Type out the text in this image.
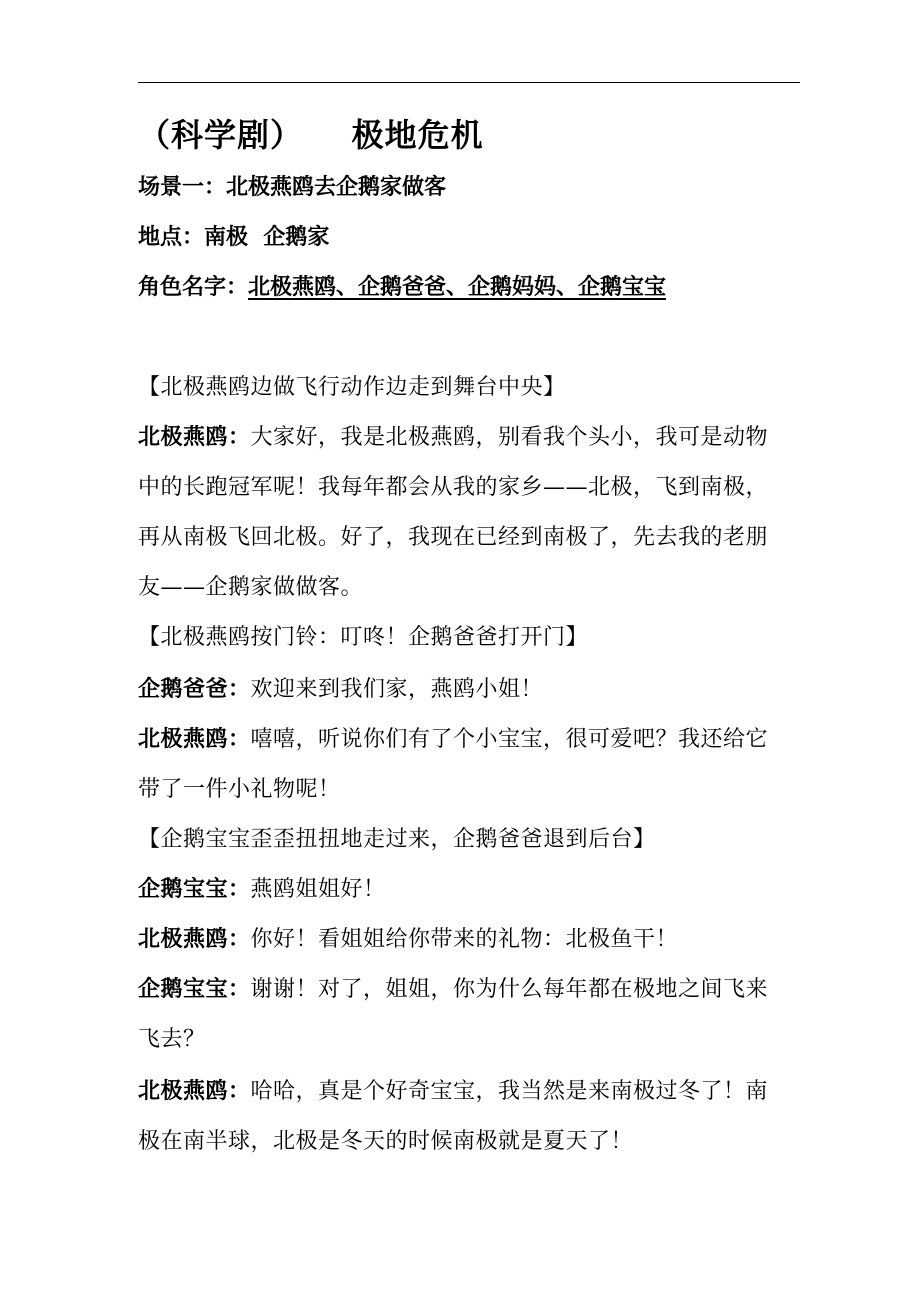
（科学剧）    极地危机
场景一：北极燕鸥去企鹅家做客
地点：南极  企鹅家
角色名字：北极燕鸥、企鹅爸爸、企鹅妈妈、企鹅宝宝
【北极燕鸥边做飞行动作边走到舞台中央】
北极燕鸥：大家好，我是北极燕鸥，别看我个头小，我可是动物
中的长跑冠军呢！我每年都会从我的家乡——北极，飞到南极，
再从南极飞回北极。好了，我现在已经到南极了，先去我的老朋
友——企鹅家做做客。
【北极燕鸥按门铃：叮咚！企鹅爸爸打开门】
企鹅爸爸：欢迎来到我们家，燕鸥小姐！
北极燕鸥：嘻嘻，听说你们有了个小宝宝，很可爱吧？我还给它
带了一件小礼物呢！
【企鹅宝宝歪歪扭扭地走过来，企鹅爸爸退到后台】
企鹅宝宝：燕鸥姐姐好！
北极燕鸥：你好！看姐姐给你带来的礼物：北极鱼干！
企鹅宝宝：谢谢！对了，姐姐，你为什么每年都在极地之间飞来
飞去？
北极燕鸥：哈哈，真是个好奇宝宝，我当然是来南极过冬了！南
极在南半球，北极是冬天的时候南极就是夏天了！
